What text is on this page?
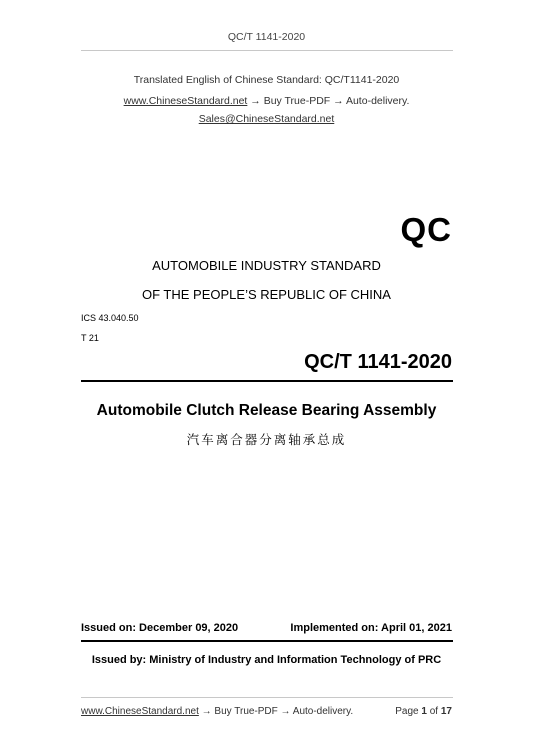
QC/T 1141-2020
Translated English of Chinese Standard: QC/T1141-2020
www.ChineseStandard.net → Buy True-PDF → Auto-delivery.
Sales@ChineseStandard.net
QC
AUTOMOBILE INDUSTRY STANDARD
OF THE PEOPLE’S REPUBLIC OF CHINA
ICS 43.040.50
T 21
QC/T 1141-2020
Automobile Clutch Release Bearing Assembly
汽车离合器分离轴承总成
Issued on: December 09, 2020	Implemented on: April 01, 2021
Issued by: Ministry of Industry and Information Technology of PRC
www.ChineseStandard.net → Buy True-PDF → Auto-delivery.	Page 1 of 17
